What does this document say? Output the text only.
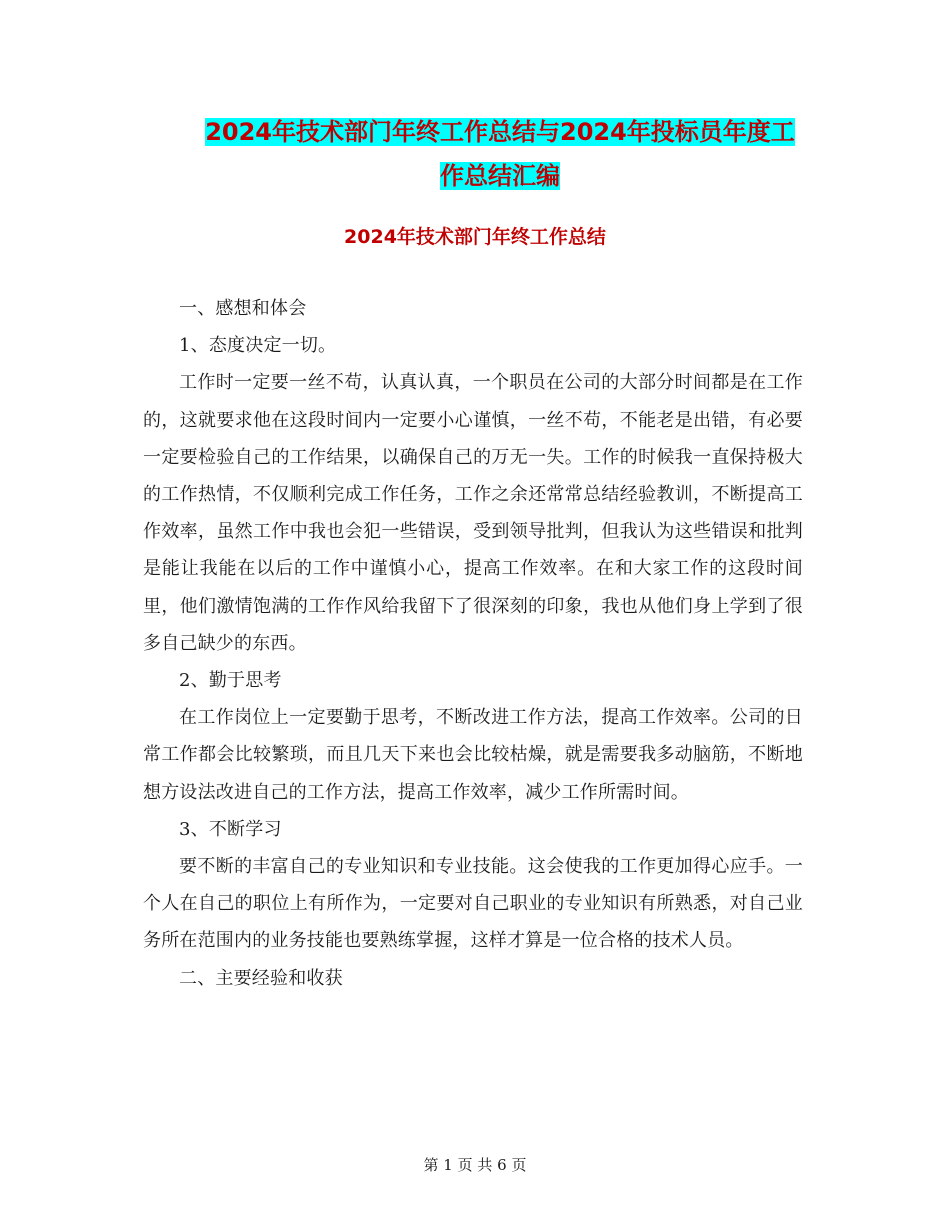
2024年技术部门年终工作总结与2024年投标员年度工
作总结汇编
2024年技术部门年终工作总结

一、感想和体会

1、态度决定一切。

工作时一定要一丝不苟，认真认真，一个职员在公司的大部分时间都是在工作的，这就要求他在这段时间内一定要小心谨慎，一丝不苟，不能老是出错，有必要一定要检验自己的工作结果，以确保自己的万无一失。工作的时候我一直保持极大的工作热情，不仅顺利完成工作任务，工作之余还常常总结经验教训，不断提高工作效率，虽然工作中我也会犯一些错误，受到领导批判，但我认为这些错误和批判是能让我能在以后的工作中谨慎小心，提高工作效率。在和大家工作的这段时间里，他们激情饱满的工作作风给我留下了很深刻的印象，我也从他们身上学到了很多自己缺少的东西。

2、勤于思考

在工作岗位上一定要勤于思考，不断改进工作方法，提高工作效率。公司的日常工作都会比较繁琐，而且几天下来也会比较枯燥，就是需要我多动脑筋，不断地想方设法改进自己的工作方法，提高工作效率，减少工作所需时间。

3、不断学习

要不断的丰富自己的专业知识和专业技能。这会使我的工作更加得心应手。一个人在自己的职位上有所作为，一定要对自己职业的专业知识有所熟悉，对自己业务所在范围内的业务技能也要熟练掌握，这样才算是一位合格的技术人员。

二、主要经验和收获

第 1 页 共 6 页
